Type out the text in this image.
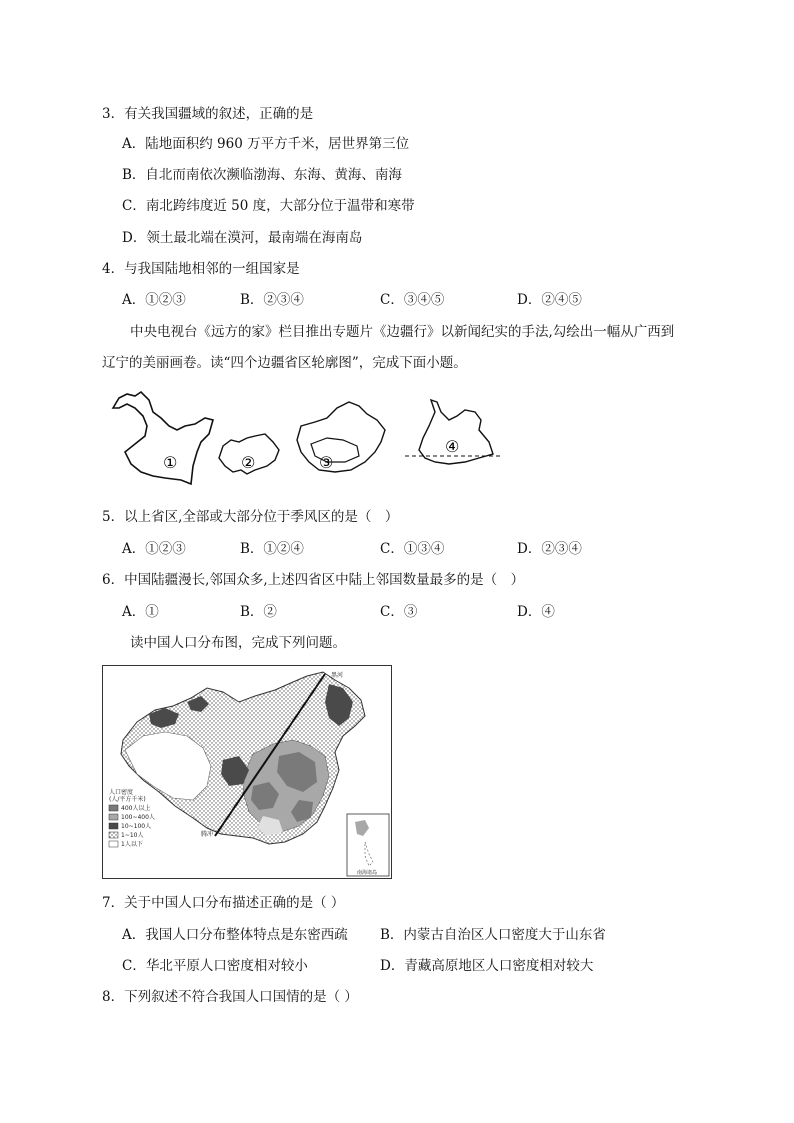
3．有关我国疆域的叙述，正确的是
A．陆地面积约 960 万平方千米，居世界第三位
B．自北而南依次濒临渤海、东海、黄海、南海
C．南北跨纬度近 50 度，大部分位于温带和寒带
D．领土最北端在漠河，最南端在海南岛
4．与我国陆地相邻的一组国家是
A．①②③	B．②③④	C．③④⑤	D．②④⑤
中央电视台《远方的家》栏目推出专题片《边疆行》以新闻纪实的手法,勾绘出一幅从广西到
辽宁的美丽画卷。读“四个边疆省区轮廓图”，完成下面小题。
①	②	③
④
5．以上省区,全部或大部分位于季风区的是（　）
A．①②③	B．①②④	C．①③④	D．②③④
6．中国陆疆漫长,邻国众多,上述四省区中陆上邻国数量最多的是（　）
A．①	B．②	C．③	D．④
读中国人口分布图，完成下列问题。
黑河
腾冲
人口密度
(人/平方千米)
400人以上
100~400人
10~100人
1~10人
1人以下
南海诸岛
7．关于中国人口分布描述正确的是（ ）
A．我国人口分布整体特点是东密西疏 B．内蒙古自治区人口密度大于山东省
C．华北平原人口密度相对较小	D．青藏高原地区人口密度相对较大
8．下列叙述不符合我国人口国情的是（ ）
